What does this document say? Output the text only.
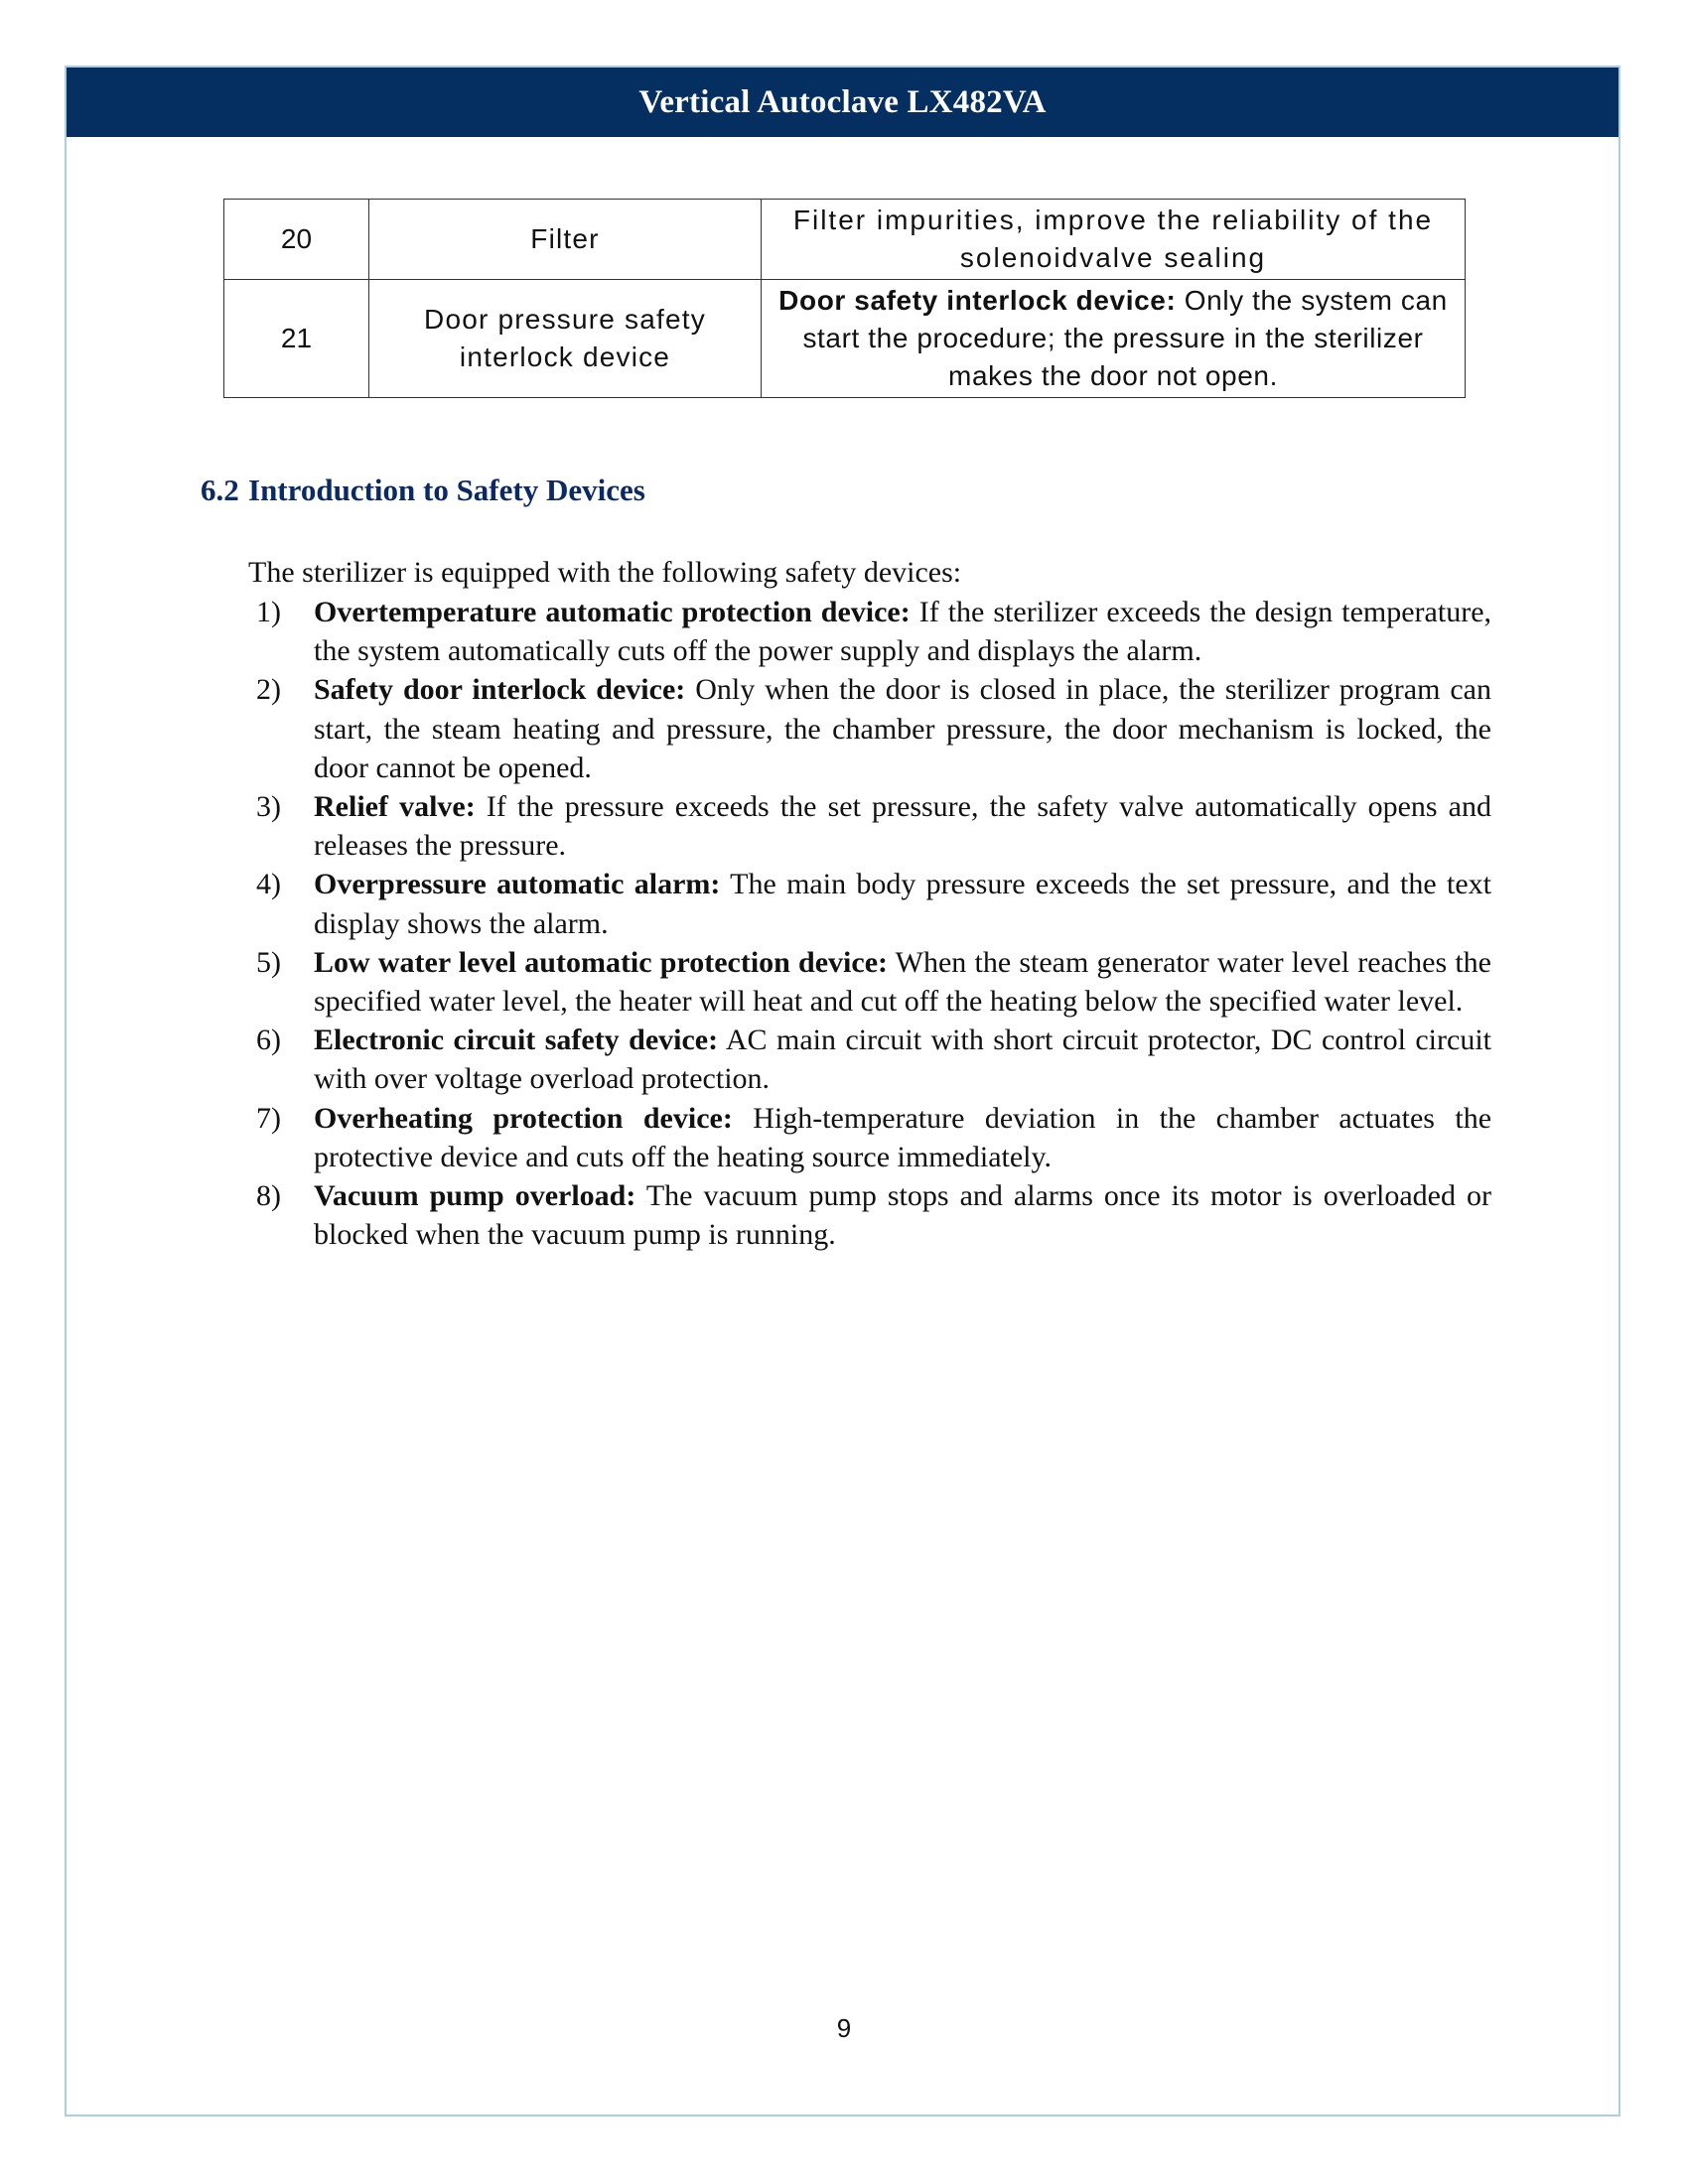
Vertical Autoclave LX482VA
20	Filter	Filter impurities, improve the reliability of the solenoidvalve sealing
21	Door pressure safety interlock device	Door safety interlock device: Only the system can start the procedure; the pressure in the sterilizer makes the door not open.
6.2 Introduction to Safety Devices
The sterilizer is equipped with the following safety devices:
1) Overtemperature automatic protection device: If the sterilizer exceeds the design temperature, the system automatically cuts off the power supply and displays the alarm.
2) Safety door interlock device: Only when the door is closed in place, the sterilizer program can start, the steam heating and pressure, the chamber pressure, the door mechanism is locked, the door cannot be opened.
3) Relief valve: If the pressure exceeds the set pressure, the safety valve automatically opens and releases the pressure.
4) Overpressure automatic alarm: The main body pressure exceeds the set pressure, and the text display shows the alarm.
5) Low water level automatic protection device: When the steam generator water level reaches the specified water level, the heater will heat and cut off the heating below the specified water level.
6) Electronic circuit safety device: AC main circuit with short circuit protector, DC control circuit with over voltage overload protection.
7) Overheating protection device: High-temperature deviation in the chamber actuates the protective device and cuts off the heating source immediately.
8) Vacuum pump overload: The vacuum pump stops and alarms once its motor is overloaded or blocked when the vacuum pump is running.
9
